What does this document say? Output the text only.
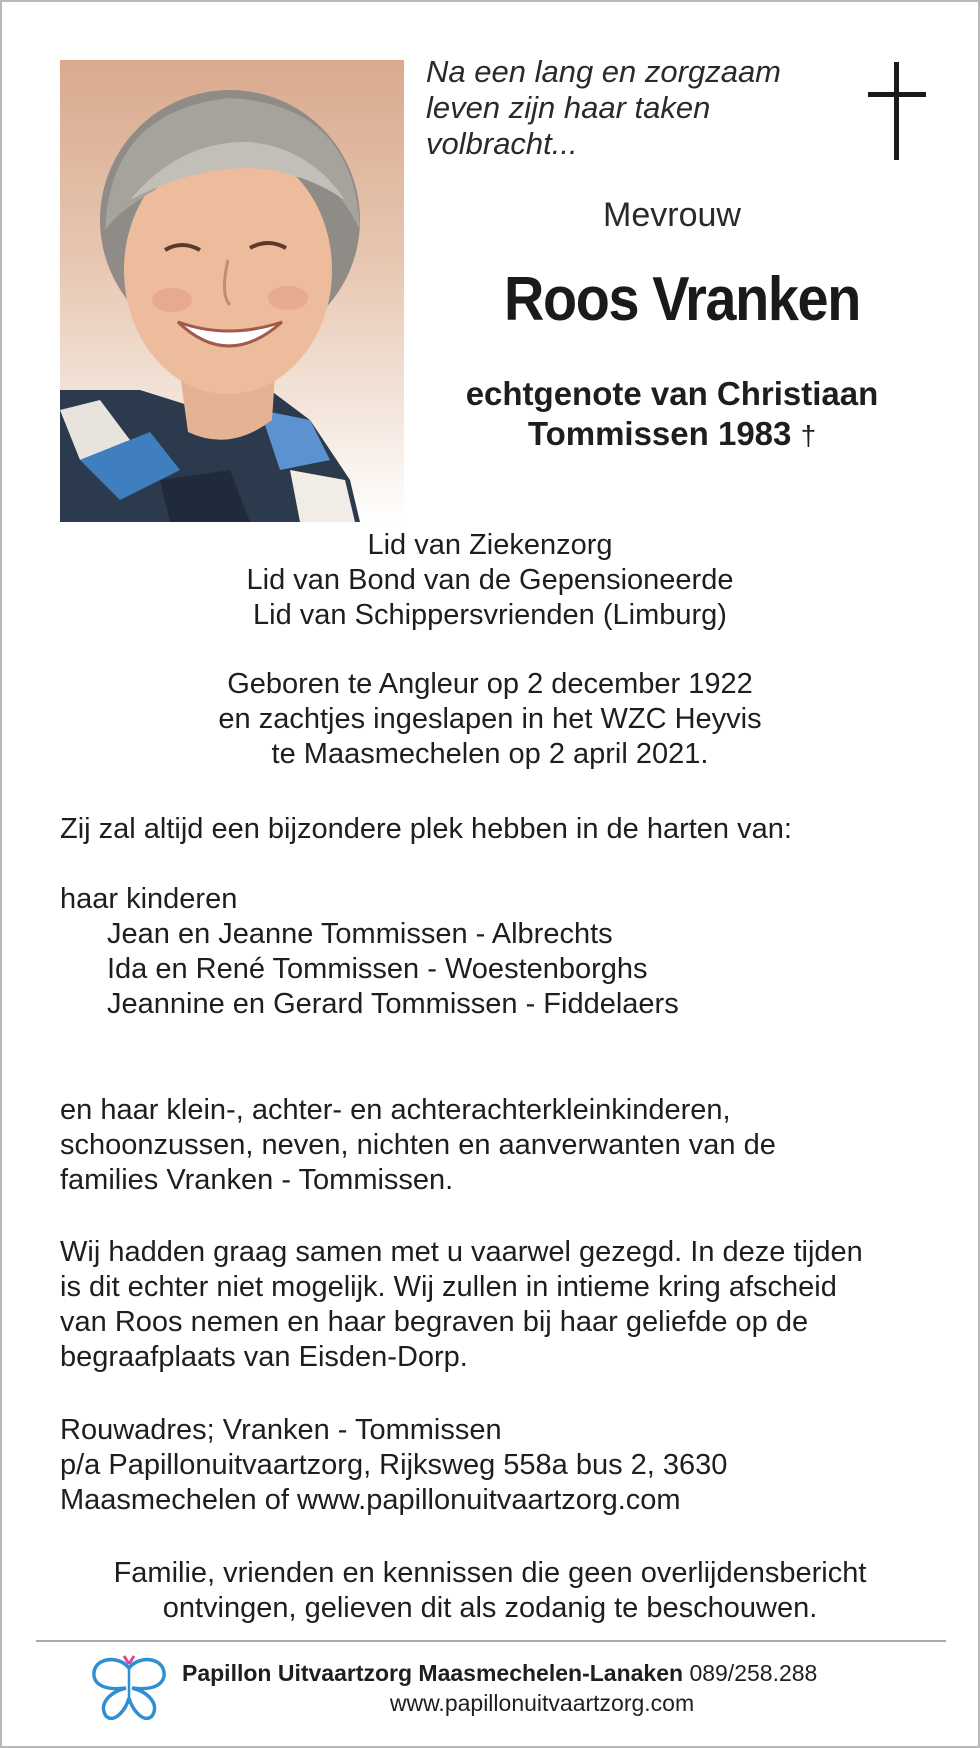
Na een lang en zorgzaam
leven zijn haar taken
volbracht...
Mevrouw
Roos Vranken
echtgenote van Christiaan
Tommissen 1983 †
Lid van Ziekenzorg
Lid van Bond van de Gepensioneerde
Lid van Schippersvrienden (Limburg)
Geboren te Angleur op 2 december 1922
en zachtjes ingeslapen in het WZC Heyvis
te Maasmechelen op 2 april 2021.
Zij zal altijd een bijzondere plek hebben in de harten van:
haar kinderen
Jean en Jeanne Tommissen - Albrechts
Ida en René Tommissen - Woestenborghs
Jeannine en Gerard Tommissen - Fiddelaers
en haar klein-, achter- en achterachterkleinkinderen,
schoonzussen, neven, nichten en aanverwanten van de
families Vranken - Tommissen.
Wij hadden graag samen met u vaarwel gezegd. In deze tijden
is dit echter niet mogelijk. Wij zullen in intieme kring afscheid
van Roos nemen en haar begraven bij haar geliefde op de
begraafplaats van Eisden-Dorp.
Rouwadres; Vranken - Tommissen
p/a Papillonuitvaartzorg, Rijksweg 558a bus 2, 3630
Maasmechelen of www.papillonuitvaartzorg.com
Familie, vrienden en kennissen die geen overlijdensbericht
ontvingen, gelieven dit als zodanig te beschouwen.
Papillon Uitvaartzorg Maasmechelen-Lanaken 089/258.288
www.papillonuitvaartzorg.com
